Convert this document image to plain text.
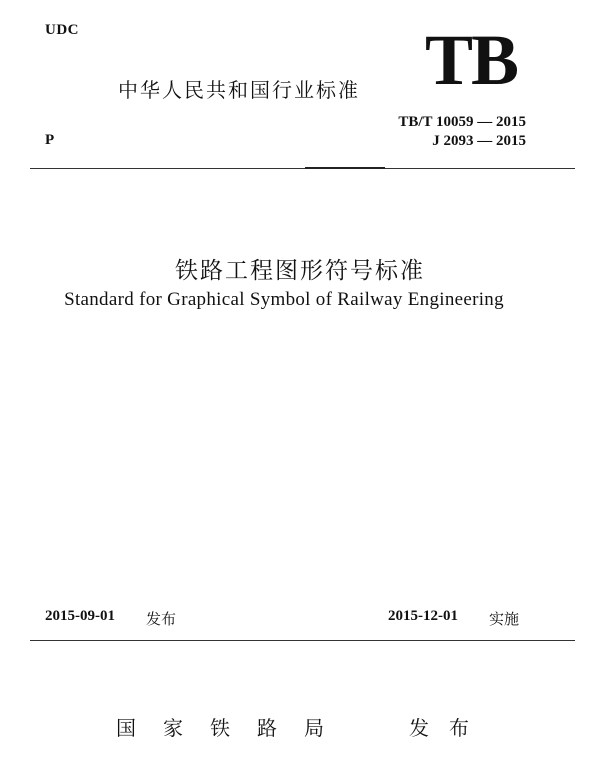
UDC
中华人民共和国行业标准 TB
TB/T 10059 — 2015
J 2093 — 2015
P
铁路工程图形符号标准
Standard for Graphical Symbol of Railway Engineering
2015-09-01 发布	2015-12-01 实施
国家铁路局	发布
